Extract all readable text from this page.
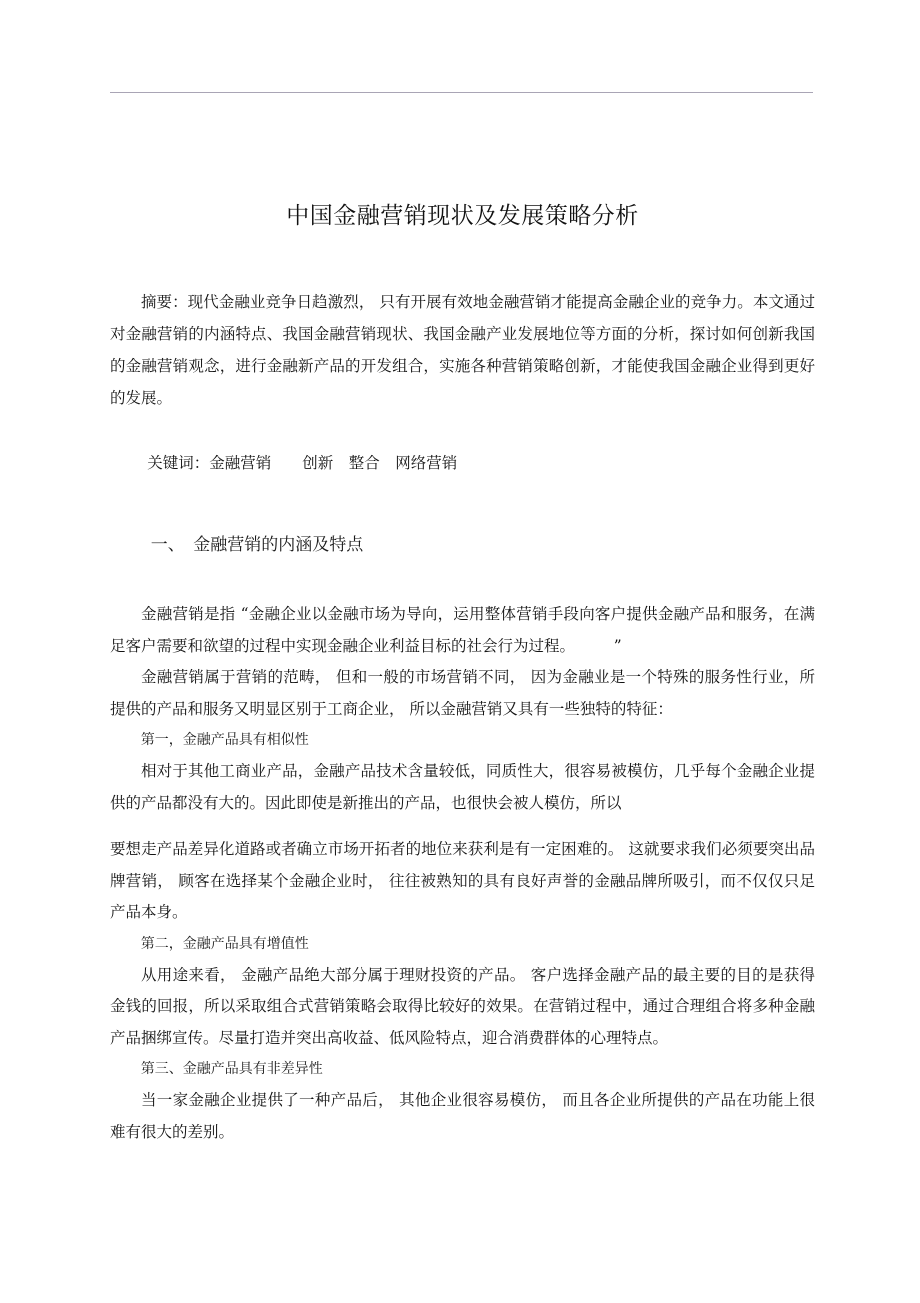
中国金融营销现状及发展策略分析

摘要：现代金融业竞争日趋激烈， 只有开展有效地金融营销才能提高金融企业的竞争力。本文通过对金融营销的内涵特点、我国金融营销现状、我国金融产业发展地位等方面的分析，探讨如何创新我国的金融营销观念，进行金融新产品的开发组合，实施各种营销策略创新，才能使我国金融企业得到更好的发展。

关键词：金融营销　　创新　整合　网络营销

一、　金融营销的内涵及特点

金融营销是指 “金融企业以金融市场为导向，运用整体营销手段向客户提供金融产品和服务，在满足客户需要和欲望的过程中实现金融企业利益目标的社会行为过程。　　　”

金融营销属于营销的范畴， 但和一般的市场营销不同， 因为金融业是一个特殊的服务性行业，所提供的产品和服务又明显区别于工商企业， 所以金融营销又具有一些独特的特征：

第一，金融产品具有相似性

相对于其他工商业产品，金融产品技术含量较低，同质性大，很容易被模仿，几乎每个金融企业提供的产品都没有大的。因此即使是新推出的产品，也很快会被人模仿，所以

要想走产品差异化道路或者确立市场开拓者的地位来获利是有一定困难的。 这就要求我们必须要突出品牌营销， 顾客在选择某个金融企业时， 往往被熟知的具有良好声誉的金融品牌所吸引，而不仅仅只足产品本身。

第二，金融产品具有增值性

从用途来看， 金融产品绝大部分属于理财投资的产品。 客户选择金融产品的最主要的目的是获得金钱的回报，所以采取组合式营销策略会取得比较好的效果。在营销过程中，通过合理组合将多种金融产品捆绑宣传。尽量打造并突出高收益、低风险特点，迎合消费群体的心理特点。

第三、金融产品具有非差异性

当一家金融企业提供了一种产品后， 其他企业很容易模仿， 而且各企业所提供的产品在功能上很难有很大的差别。
